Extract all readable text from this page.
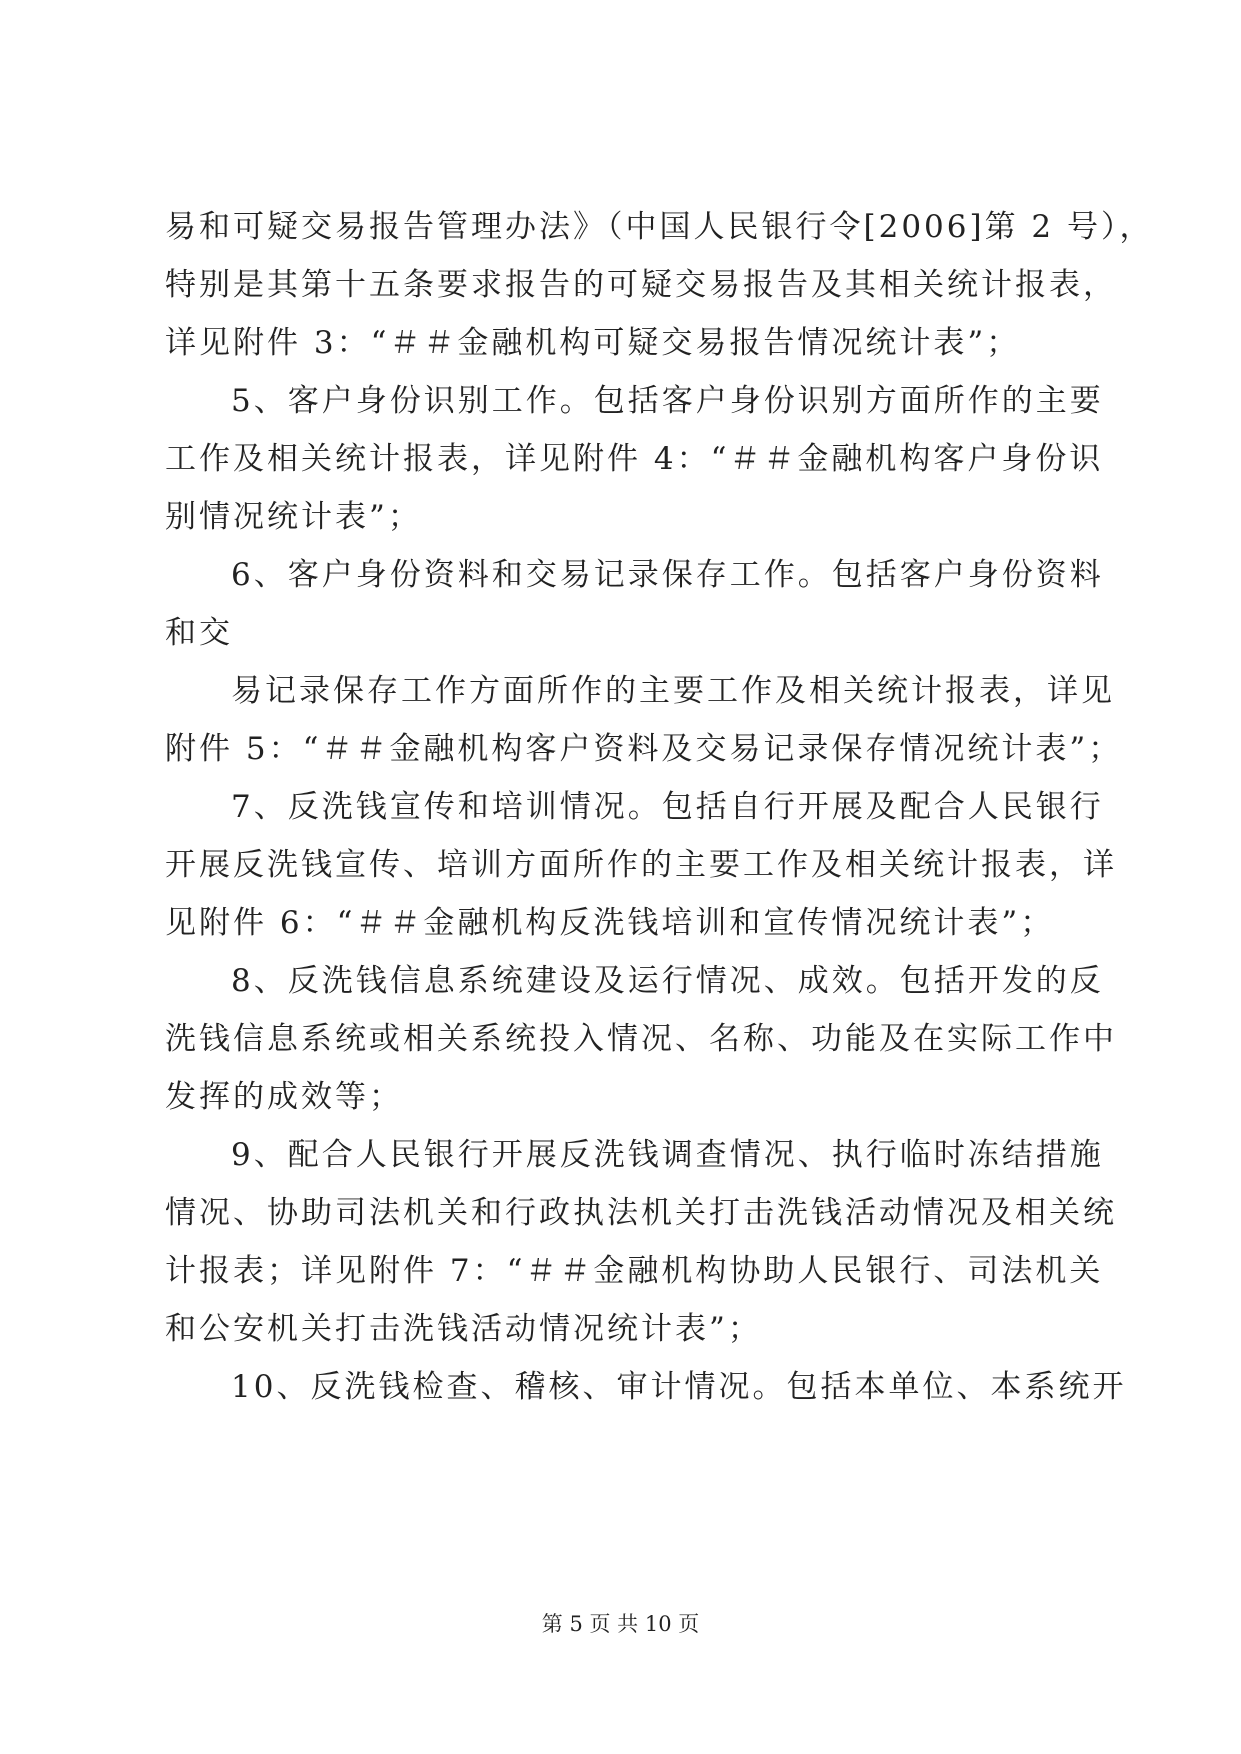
易和可疑交易报告管理办法》（中国人民银行令[2006]第 2 号），
特别是其第十五条要求报告的可疑交易报告及其相关统计报表，
详见附件 3：“＃＃金融机构可疑交易报告情况统计表”；
5、客户身份识别工作。包括客户身份识别方面所作的主要
工作及相关统计报表，详见附件 4：“＃＃金融机构客户身份识
别情况统计表”；
6、客户身份资料和交易记录保存工作。包括客户身份资料
和交
易记录保存工作方面所作的主要工作及相关统计报表，详见
附件 5：“＃＃金融机构客户资料及交易记录保存情况统计表”；
7、反洗钱宣传和培训情况。包括自行开展及配合人民银行
开展反洗钱宣传、培训方面所作的主要工作及相关统计报表，详
见附件 6：“＃＃金融机构反洗钱培训和宣传情况统计表”；
8、反洗钱信息系统建设及运行情况、成效。包括开发的反
洗钱信息系统或相关系统投入情况、名称、功能及在实际工作中
发挥的成效等；
9、配合人民银行开展反洗钱调查情况、执行临时冻结措施
情况、协助司法机关和行政执法机关打击洗钱活动情况及相关统
计报表；详见附件 7：“＃＃金融机构协助人民银行、司法机关
和公安机关打击洗钱活动情况统计表”；
10、反洗钱检查、稽核、审计情况。包括本单位、本系统开
第 5 页 共 10 页
